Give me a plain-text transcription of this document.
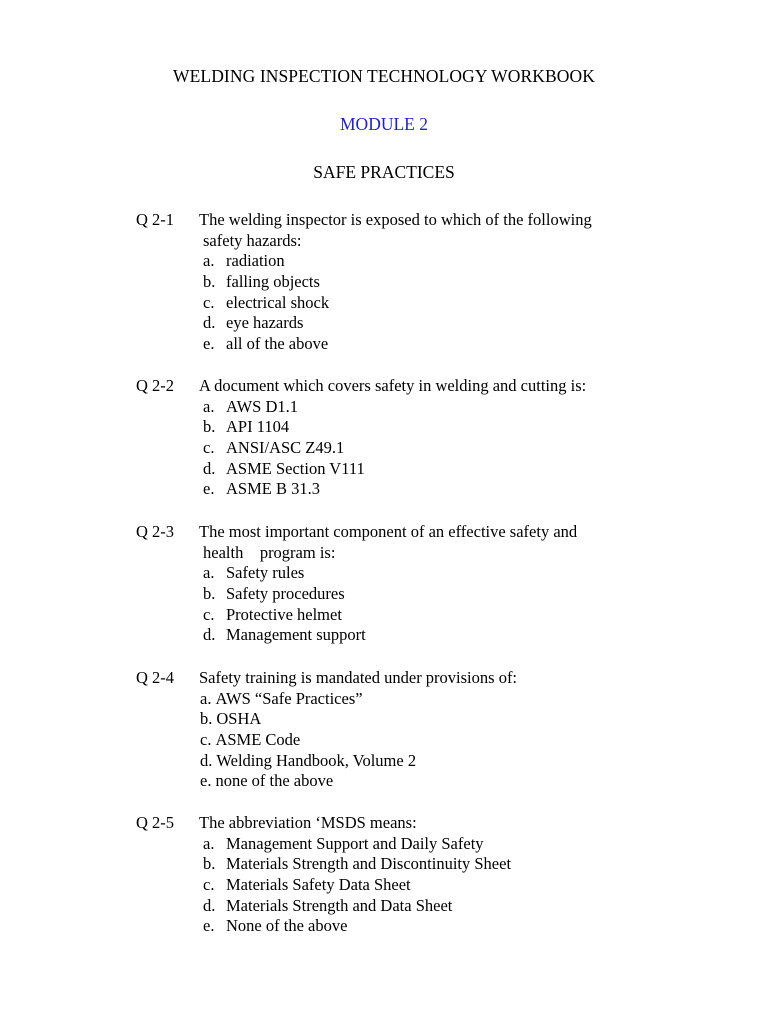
WELDING INSPECTION TECHNOLOGY WORKBOOK
MODULE 2
SAFE PRACTICES
Q 2-1 The welding inspector is exposed to which of the following
safety hazards:
a. radiation
b. falling objects
c. electrical shock
d. eye hazards
e. all of the above
Q 2-2 A document which covers safety in welding and cutting is:
a. AWS D1.1
b. API 1104
c. ANSI/ASC Z49.1
d. ASME Section V111
e. ASME B 31.3
Q 2-3 The most important component of an effective safety and
health    program is:
a. Safety rules
b. Safety procedures
c. Protective helmet
d. Management support
Q 2-4 Safety training is mandated under provisions of:
a. AWS “Safe Practices”
b. OSHA
c. ASME Code
d. Welding Handbook, Volume 2
e. none of the above
Q 2-5 The abbreviation ‘MSDS means:
a. Management Support and Daily Safety
b. Materials Strength and Discontinuity Sheet
c. Materials Safety Data Sheet
d. Materials Strength and Data Sheet
e. None of the above
